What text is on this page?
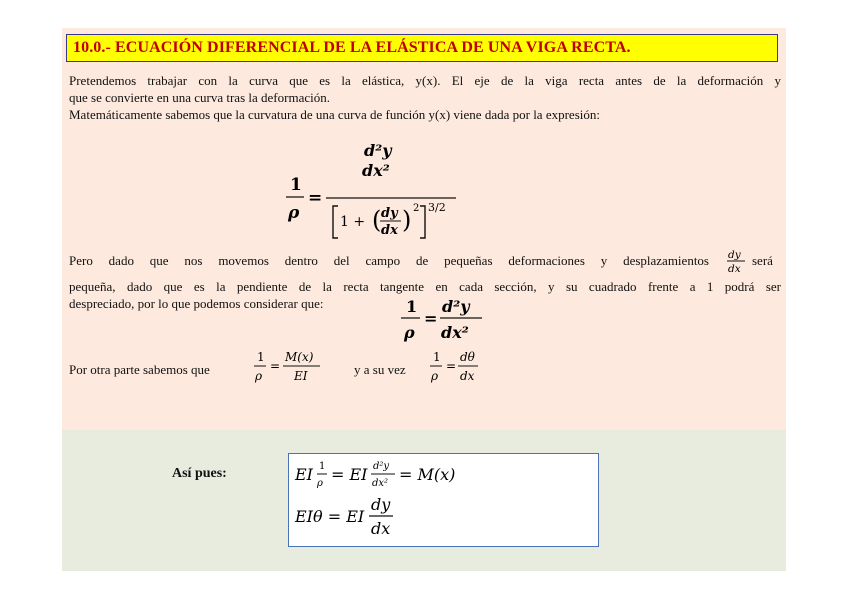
10.0.- ECUACIÓN DIFERENCIAL DE LA ELÁSTICA DE UNA VIGA RECTA.

Pretendemos trabajar con la curva que es la elástica, y(x). El eje de la viga recta antes de la deformación y

que se convierte en una curva tras la deformación.

Matemáticamente sabemos que la curvatura de una curva de función y(x) viene dada por la expresión:

1
ρ
=
d²y
dx²
1 + ( dy
dx ) 2 3/2

Pero dado que nos movemos dentro del campo de pequeñas deformaciones y desplazamientos dy
dx

será

pequeña, dado que es la pendiente de la recta tangente en cada sección, y su cuadrado frente a 1 podrá ser

despreciado, por lo que podemos considerar que:	1
ρ
=
d²y
dx²

Por otra parte sabemos que

1
ρ
=
M(x)
EI	y a su vez

1
ρ
=
dθ
dx
Así pues:	EI 1
ρ = EI d²y
dx² = M(x)
EIθ = EI
dy
dx
